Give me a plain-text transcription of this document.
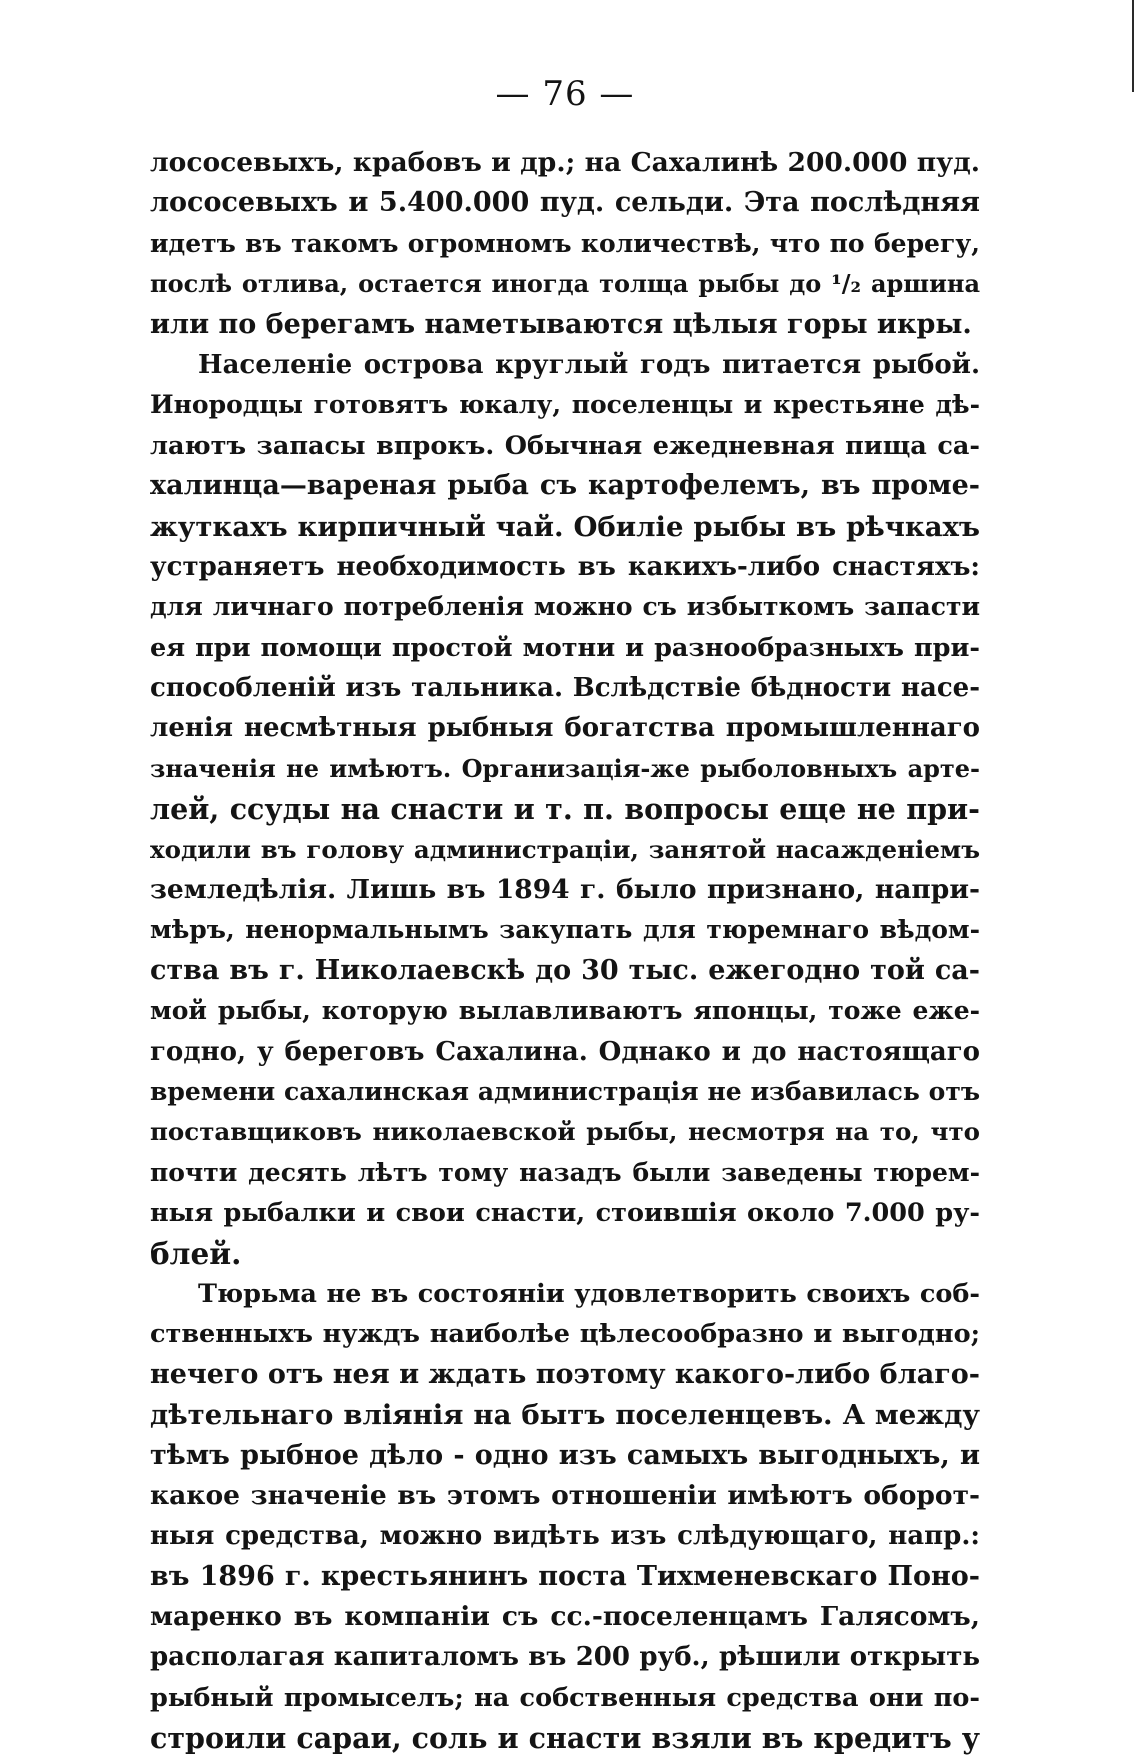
— 76 —
лососевыхъ, крабовъ и др.; на Сахалинѣ 200.000 пуд.
лососевыхъ и 5.400.000 пуд. сельди. Эта послѣдняя
идетъ въ такомъ огромномъ количествѣ, что по берегу,
послѣ отлива, остается иногда толща рыбы до ¹/₂ аршина
или по берегамъ наметываются цѣлыя горы икры.
Населеніе острова круглый годъ питается рыбой.
Инородцы готовятъ юкалу, поселенцы и крестьяне дѣ-
лаютъ запасы впрокъ. Обычная ежедневная пища са-
халинца—вареная рыба съ картофелемъ, въ проме-
жуткахъ кирпичный чай. Обиліе рыбы въ рѣчкахъ
устраняетъ необходимость въ какихъ-либо снастяхъ:
для личнаго потребленія можно съ избыткомъ запасти
ея при помощи простой мотни и разнообразныхъ при-
способленій изъ тальника. Вслѣдствіе бѣдности насе-
ленія несмѣтныя рыбныя богатства промышленнаго
значенія не имѣютъ. Организація-же рыболовныхъ арте-
лей, ссуды на снасти и т. п. вопросы еще не при-
ходили въ голову администраціи, занятой насажденіемъ
земледѣлія. Лишь въ 1894 г. было признано, напри-
мѣръ, ненормальнымъ закупать для тюремнаго вѣдом-
ства въ г. Николаевскѣ до 30 тыс. ежегодно той са-
мой рыбы, которую вылавливаютъ японцы, тоже еже-
годно, у береговъ Сахалина. Однако и до настоящаго
времени сахалинская администрація не избавилась отъ
поставщиковъ николаевской рыбы, несмотря на то, что
почти десять лѣтъ тому назадъ были заведены тюрем-
ныя рыбалки и свои снасти, стоившія около 7.000 ру-
блей.
Тюрьма не въ состояніи удовлетворить своихъ соб-
ственныхъ нуждъ наиболѣе цѣлесообразно и выгодно;
нечего отъ нея и ждать поэтому какого-либо благо-
дѣтельнаго вліянія на бытъ поселенцевъ. А между
тѣмъ рыбное дѣло - одно изъ самыхъ выгодныхъ, и
какое значеніе въ этомъ отношеніи имѣютъ оборот-
ныя средства, можно видѣть изъ слѣдующаго, напр.:
въ 1896 г. крестьянинъ поста Тихменевскаго Поно-
маренко въ компаніи съ сс.-поселенцамъ Галясомъ,
располагая капиталомъ въ 200 руб., рѣшили открыть
рыбный промыселъ; на собственныя средства они по-
строили сараи, соль и снасти взяли въ кредитъ у
